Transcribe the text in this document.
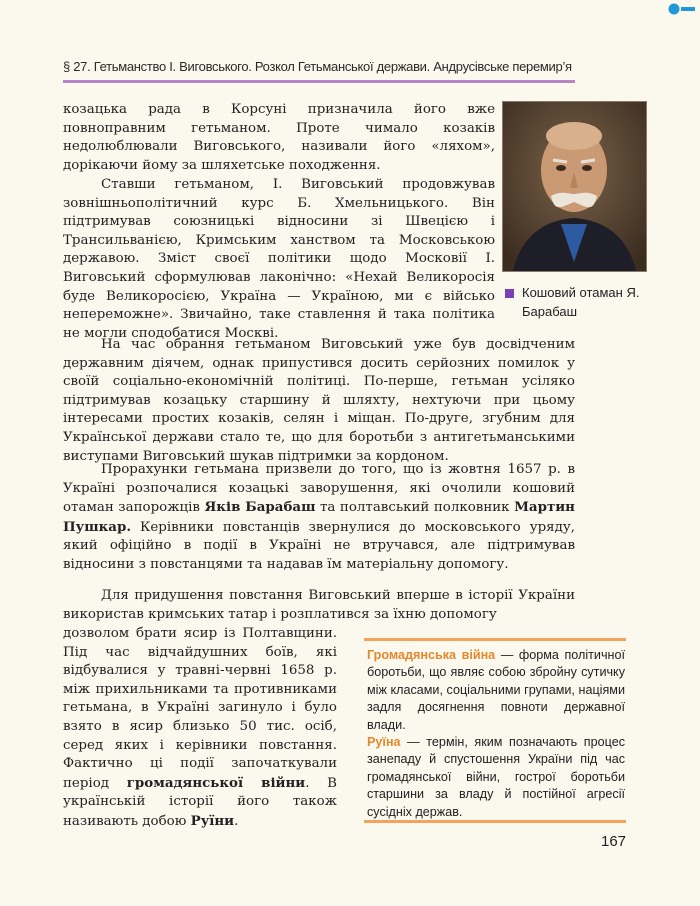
§ 27. Гетьманство І. Виговського. Розкол Гетьманської держави. Андрусівське перемир’я

козацька рада в Корсуні призначила його вже повноправним гетьманом. Проте чимало козаків недолюблювали Виговського, називали його «ляхом», дорікаючи йому за шляхетське походження.

Ставши гетьманом, І. Виговський продовжував зовнішньополітичний курс Б. Хмельницького. Він підтримував союзницькі відносини зі Швецією і Трансильванією, Кримським ханством та Московською державою. Зміст своєї політики щодо Московії І. Виговський сформулював лаконічно: «Нехай Великоросія буде Великоросією, Україна — Україною, ми є військо непереможне». Звичайно, таке ставлення й така політика не могли сподобатися Москві.

На час обрання гетьманом Виговський уже був досвідченим державним діячем, однак припустився досить серйозних помилок у своїй соціально-економічній політиці. По-перше, гетьман усіляко підтримував козацьку старшину й шляхту, нехтуючи при цьому інтересами простих козаків, селян і міщан. По-друге, згубним для Української держави стало те, що для боротьби з антигетьманськими виступами Виговський шукав підтримки за кордоном.

Прорахунки гетьмана призвели до того, що із жовтня 1657 р. в Україні розпочалися козацькі заворушення, які очолили кошовий отаман запорожців Яків Барабаш та полтавський полковник Мартин Пушкар. Керівники повстанців звернулися до московського уряду, який офіційно в події в Україні не втручався, але підтримував відносини з повстанцями та надавав їм матеріальну допомогу.

Для придушення повстання Виговський вперше в історії України використав кримських татар і розплатився за їхню допомогу

дозволом брати ясир із Полтавщини. Під час відчайдушних боїв, які відбувалися у травні-червні 1658 р. між прихильниками та противниками гетьмана, в Україні загинуло і було взято в ясир близько 50 тис. осіб, серед яких і керівники повстання. Фактично ці події започаткували період громадянської війни. В українській історії його також називають добою Руїни.

Кошовий отаман Я. Барабаш

Громадянська війна — форма політичної боротьби, що являє собою збройну сутичку між класами, соціальними групами, націями задля досягнення повноти державної влади.

Руїна — термін, яким позначають процес занепаду й спустошення України під час громадянської війни, гострої боротьби старшини за владу й постійної агресії сусідніх держав.

167
